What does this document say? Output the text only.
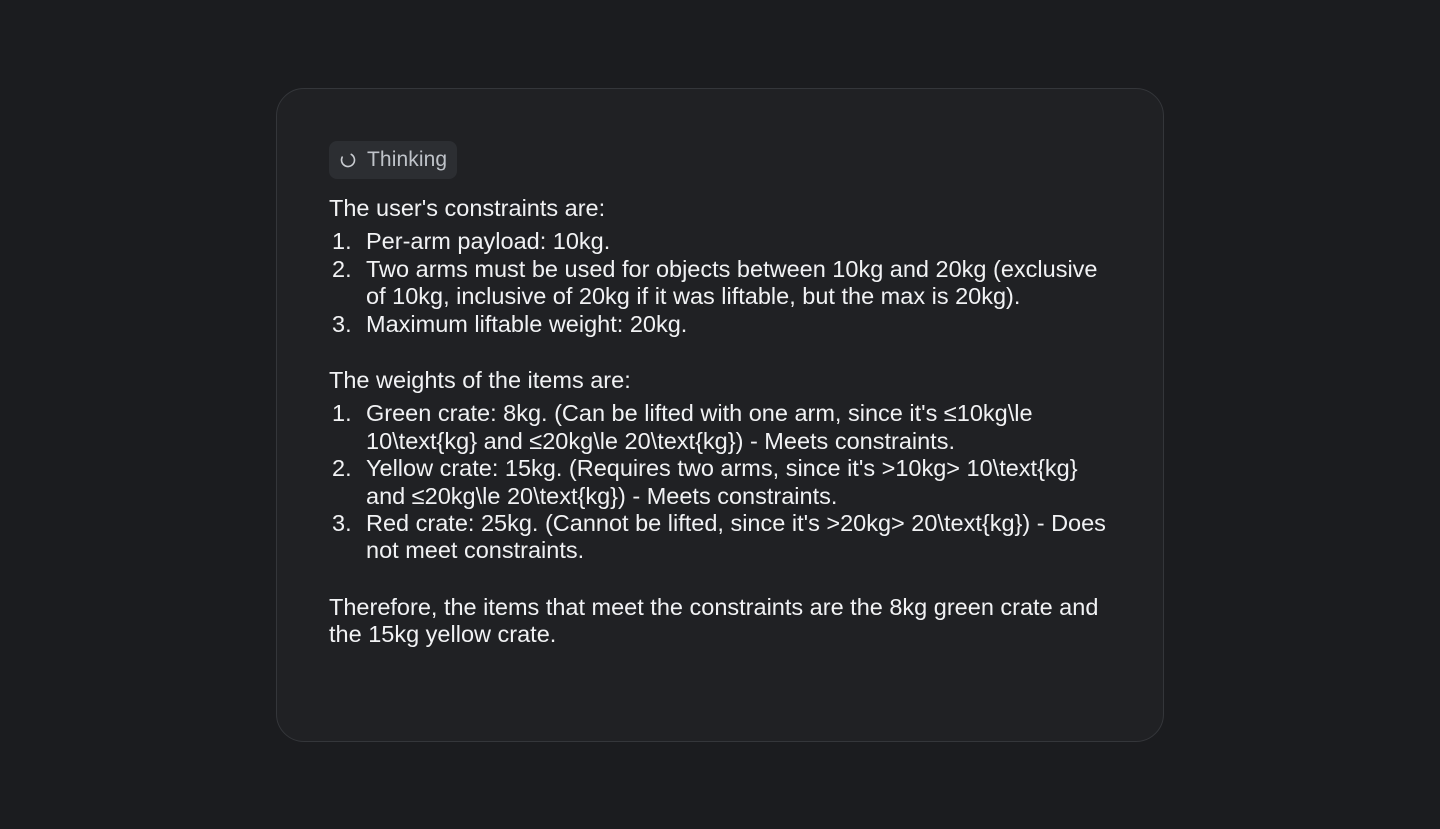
Thinking

The user's constraints are:

1. Per-arm payload: 10kg.
2. Two arms must be used for objects between 10kg and 20kg (exclusive of 10kg, inclusive of 20kg if it was liftable, but the max is 20kg).
3. Maximum liftable weight: 20kg.

The weights of the items are:

1. Green crate: 8kg. (Can be lifted with one arm, since it's ≤10kg\le 10\text{kg} and ≤20kg\le 20\text{kg}) - Meets constraints.
2. Yellow crate: 15kg. (Requires two arms, since it's >10kg> 10\text{kg} and ≤20kg\le 20\text{kg}) - Meets constraints.
3. Red crate: 25kg. (Cannot be lifted, since it's >20kg> 20\text{kg}) - Does not meet constraints.

Therefore, the items that meet the constraints are the 8kg green crate and the 15kg yellow crate.
